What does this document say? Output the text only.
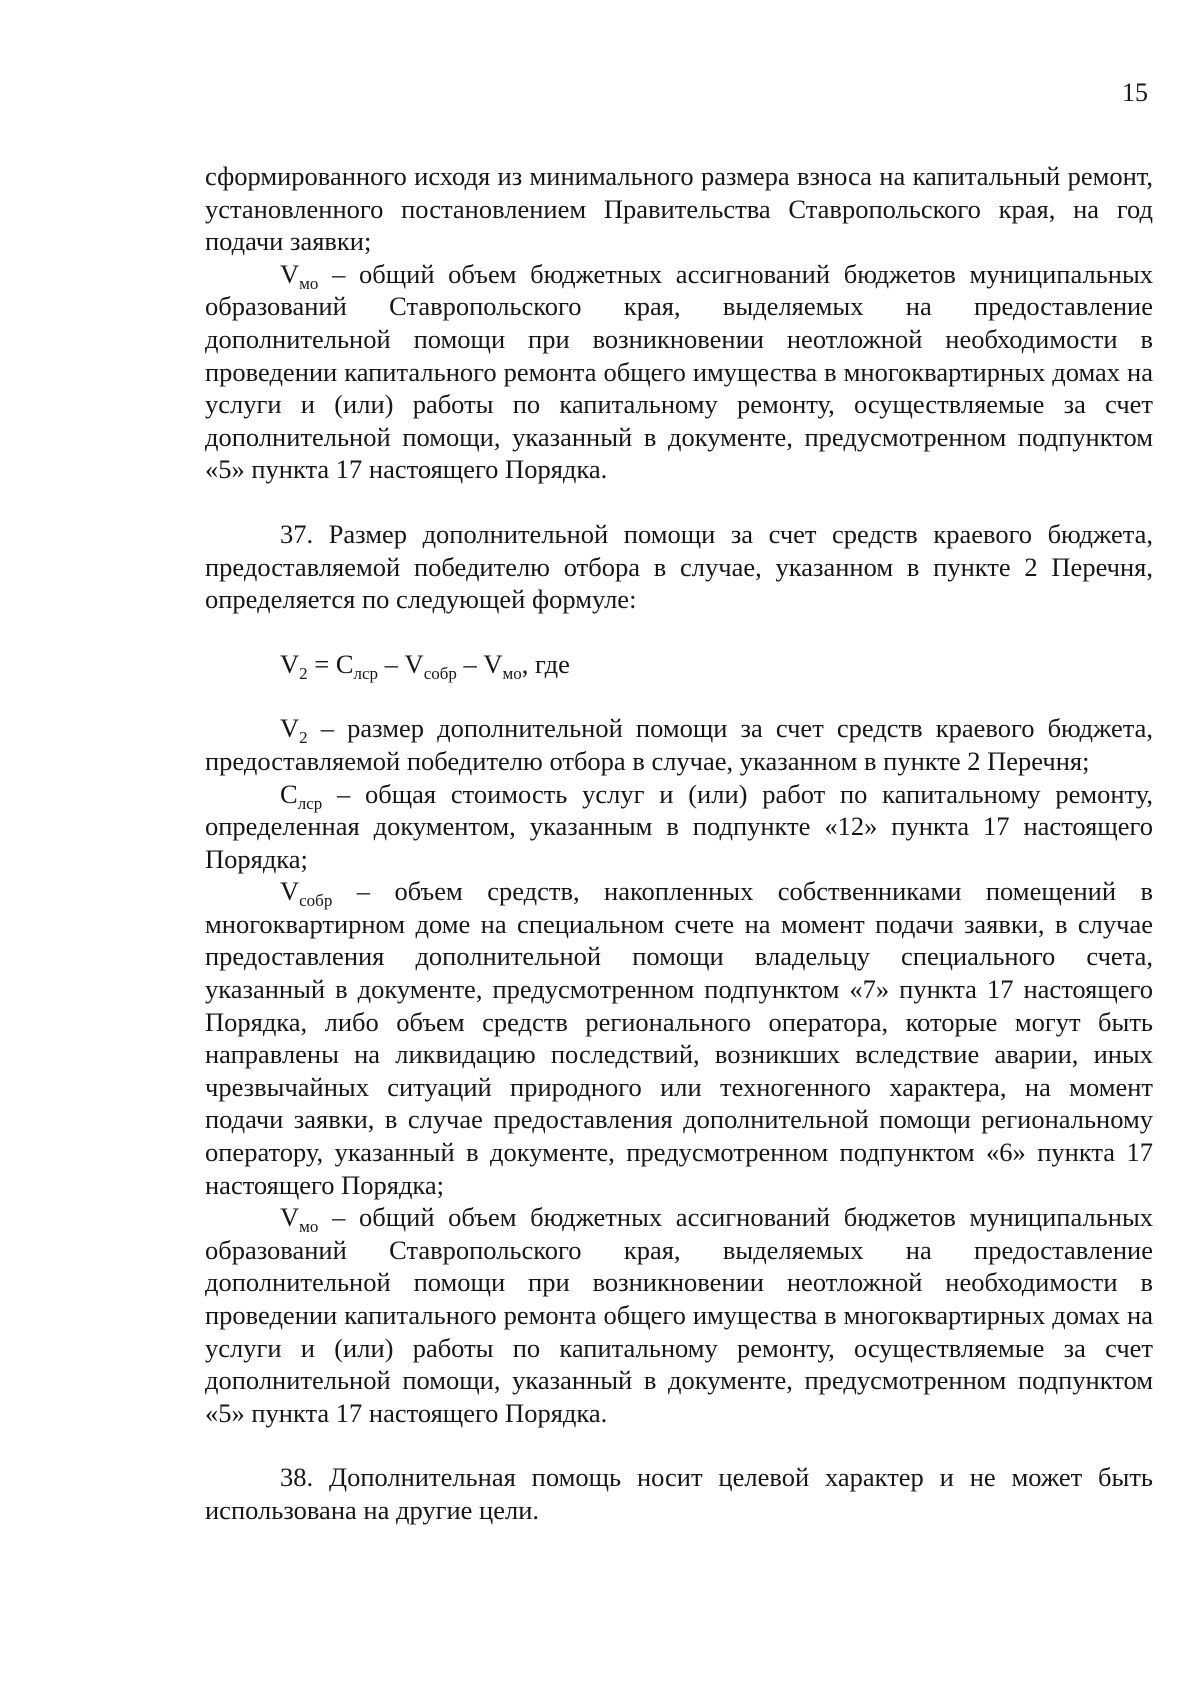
15

сформированного исходя из минимального размера взноса на капитальный ремонт, установленного постановлением Правительства Ставропольского края, на год подачи заявки;

$V_{мо}$ – общий объем бюджетных ассигнований бюджетов муниципальных образований Ставропольского края, выделяемых на предоставление дополнительной помощи при возникновении неотложной необходимости в проведении капитального ремонта общего имущества в многоквартирных домах на услуги и (или) работы по капитальному ремонту, осуществляемые за счет дополнительной помощи, указанный в документе, предусмотренном подпунктом «5» пункта 17 настоящего Порядка.

37. Размер дополнительной помощи за счет средств краевого бюджета, предоставляемой победителю отбора в случае, указанном в пункте 2 Перечня, определяется по следующей формуле:

$V_2 = C_{лср} - V_{собр} - V_{мо}$, где

$V_2$ – размер дополнительной помощи за счет средств краевого бюджета, предоставляемой победителю отбора в случае, указанном в пункте 2 Перечня;

$C_{лср}$ – общая стоимость услуг и (или) работ по капитальному ремонту, определенная документом, указанным в подпункте «12» пункта 17 настоящего Порядка;

$V_{собр}$ – объем средств, накопленных собственниками помещений в многоквартирном доме на специальном счете на момент подачи заявки, в случае предоставления дополнительной помощи владельцу специального счета, указанный в документе, предусмотренном подпунктом «7» пункта 17 настоящего Порядка, либо объем средств регионального оператора, которые могут быть направлены на ликвидацию последствий, возникших вследствие аварии, иных чрезвычайных ситуаций природного или техногенного характера, на момент подачи заявки, в случае предоставления дополнительной помощи региональному оператору, указанный в документе, предусмотренном подпунктом «6» пункта 17 настоящего Порядка;

$V_{мо}$ – общий объем бюджетных ассигнований бюджетов муниципальных образований Ставропольского края, выделяемых на предоставление дополнительной помощи при возникновении неотложной необходимости в проведении капитального ремонта общего имущества в многоквартирных домах на услуги и (или) работы по капитальному ремонту, осуществляемые за счет дополнительной помощи, указанный в документе, предусмотренном подпунктом «5» пункта 17 настоящего Порядка.

38. Дополнительная помощь носит целевой характер и не может быть использована на другие цели.
